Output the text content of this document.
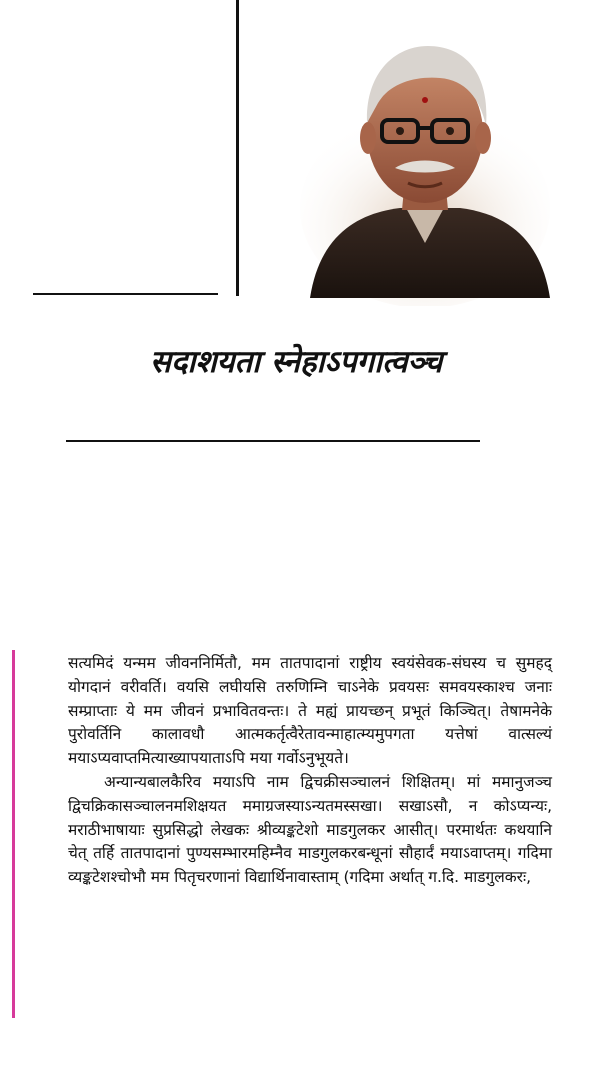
सदाशयता स्नेहाऽपगात्वञ्च

सत्यमिदं यन्मम जीवननिर्मितौ, मम तातपादानां राष्ट्रीय स्वयंसेवक-संघस्य च सुमहद् योगदानं वरीवर्ति। वयसि लघीयसि तरुणिम्नि चाऽनेके प्रवयसः समवयस्काश्च जनाः सम्प्राप्ताः ये मम जीवनं प्रभावितवन्तः। ते मह्यं प्रायच्छन् प्रभूतं किञ्चित्। तेषामनेके पुरोवर्तिनि कालावधौ आत्मकर्तृत्वैरेतावन्माहात्म्यमुपगता यत्तेषां वात्सल्यं मयाऽप्यवाप्तमित्याख्यापयाताऽपि मया गर्वोऽनुभूयते।

अन्यान्यबालकैरिव मयाऽपि नाम द्विचक्रीसञ्चालनं शिक्षितम्। मां ममानुजञ्च द्विचक्रिकासञ्चालनमशिक्षयत ममाग्रजस्याऽन्यतमस्सखा। सखाऽसौ, न कोऽप्यन्यः, मराठीभाषायाः सुप्रसिद्धो लेखकः श्रीव्यङ्कटेशो माडगुलकर आसीत्। परमार्थतः कथयानि चेत् तर्हि तातपादानां पुण्यसम्भारमहिम्नैव माडगुलकरबन्धूनां सौहार्दं मयाऽवाप्तम्। गदिमा व्यङ्कटेशश्चोभौ मम पितृचरणानां विद्यार्थिनावास्ताम् (गदिमा अर्थात् ग.दि. माडगुलकरः,
